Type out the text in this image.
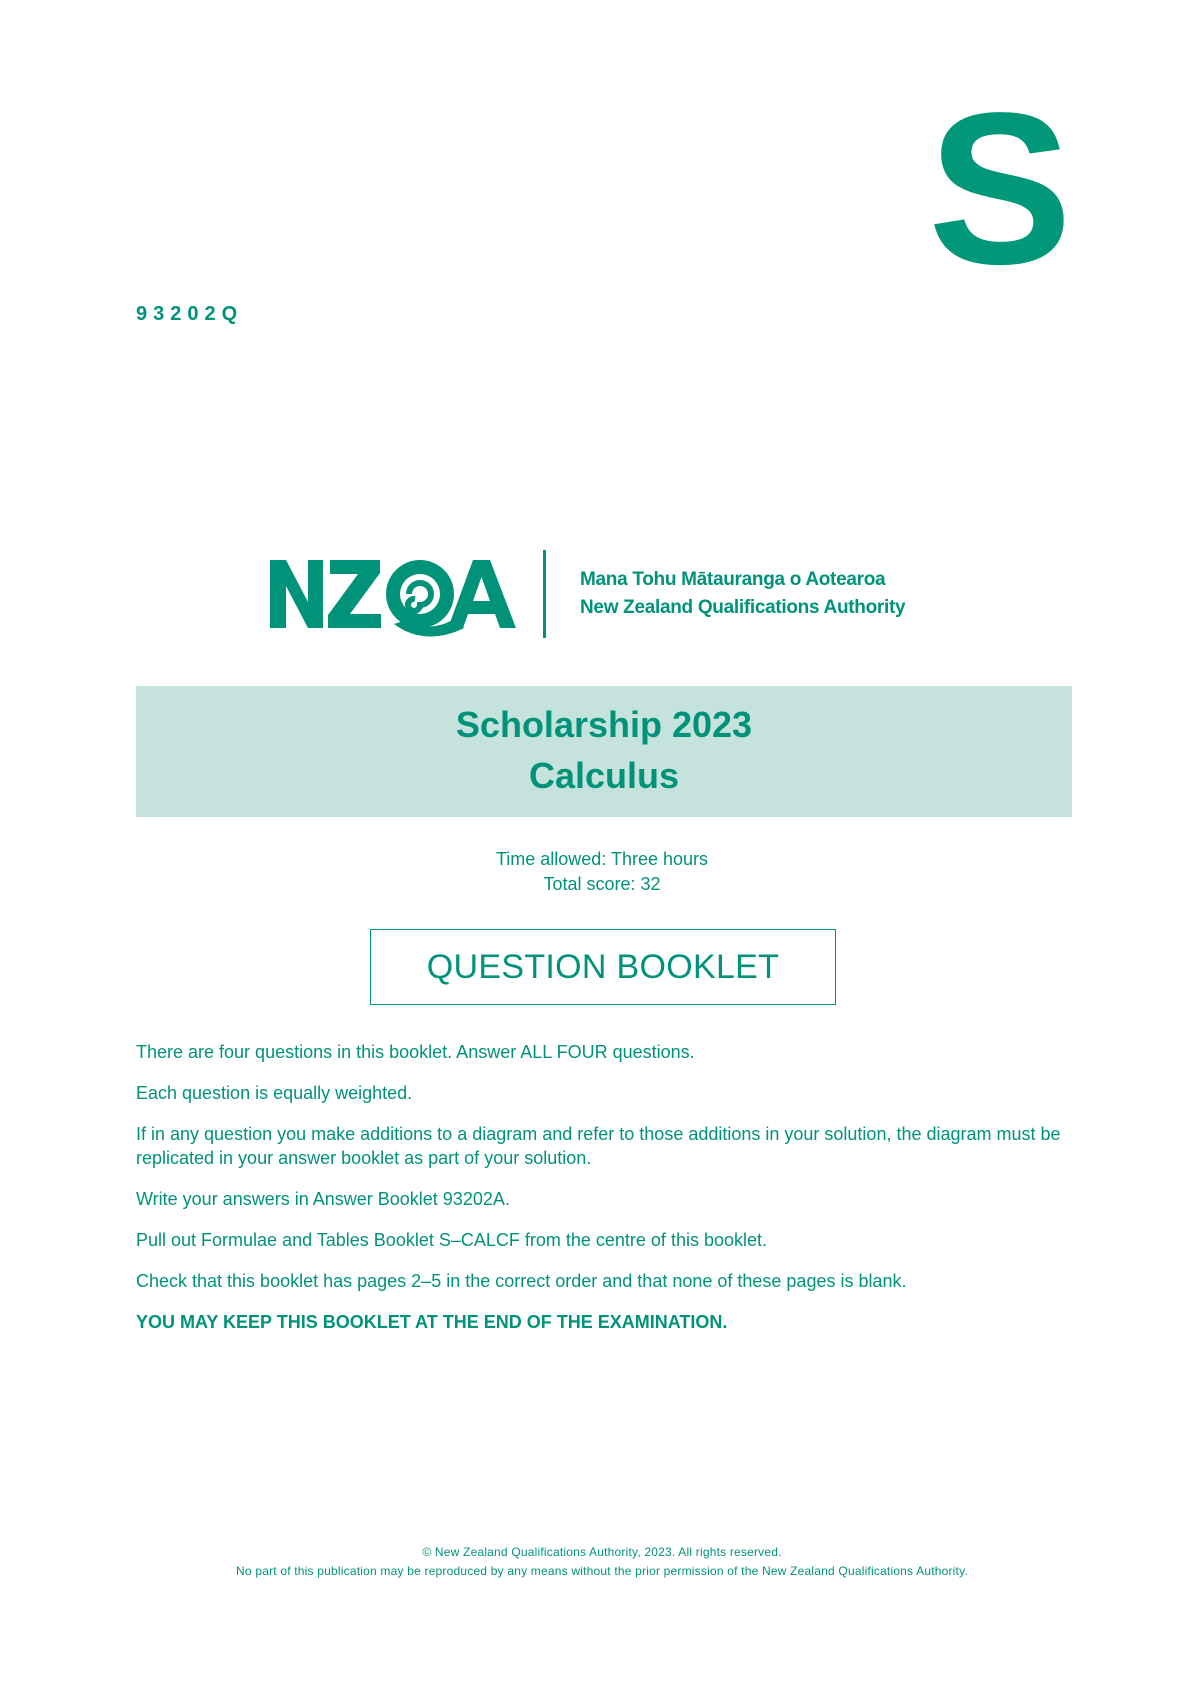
S
93202Q
Mana Tohu Mātauranga o Aotearoa
New Zealand Qualifications Authority
Scholarship 2023
Calculus
Time allowed: Three hours
Total score: 32
QUESTION BOOKLET

There are four questions in this booklet. Answer ALL FOUR questions.

Each question is equally weighted.

If in any question you make additions to a diagram and refer to those additions in your solution, the diagram must be replicated in your answer booklet as part of your solution.

Write your answers in Answer Booklet 93202A.

Pull out Formulae and Tables Booklet S–CALCF from the centre of this booklet.

Check that this booklet has pages 2–5 in the correct order and that none of these pages is blank.

YOU MAY KEEP THIS BOOKLET AT THE END OF THE EXAMINATION.

© New Zealand Qualifications Authority, 2023. All rights reserved.
No part of this publication may be reproduced by any means without the prior permission of the New Zealand Qualifications Authority.
